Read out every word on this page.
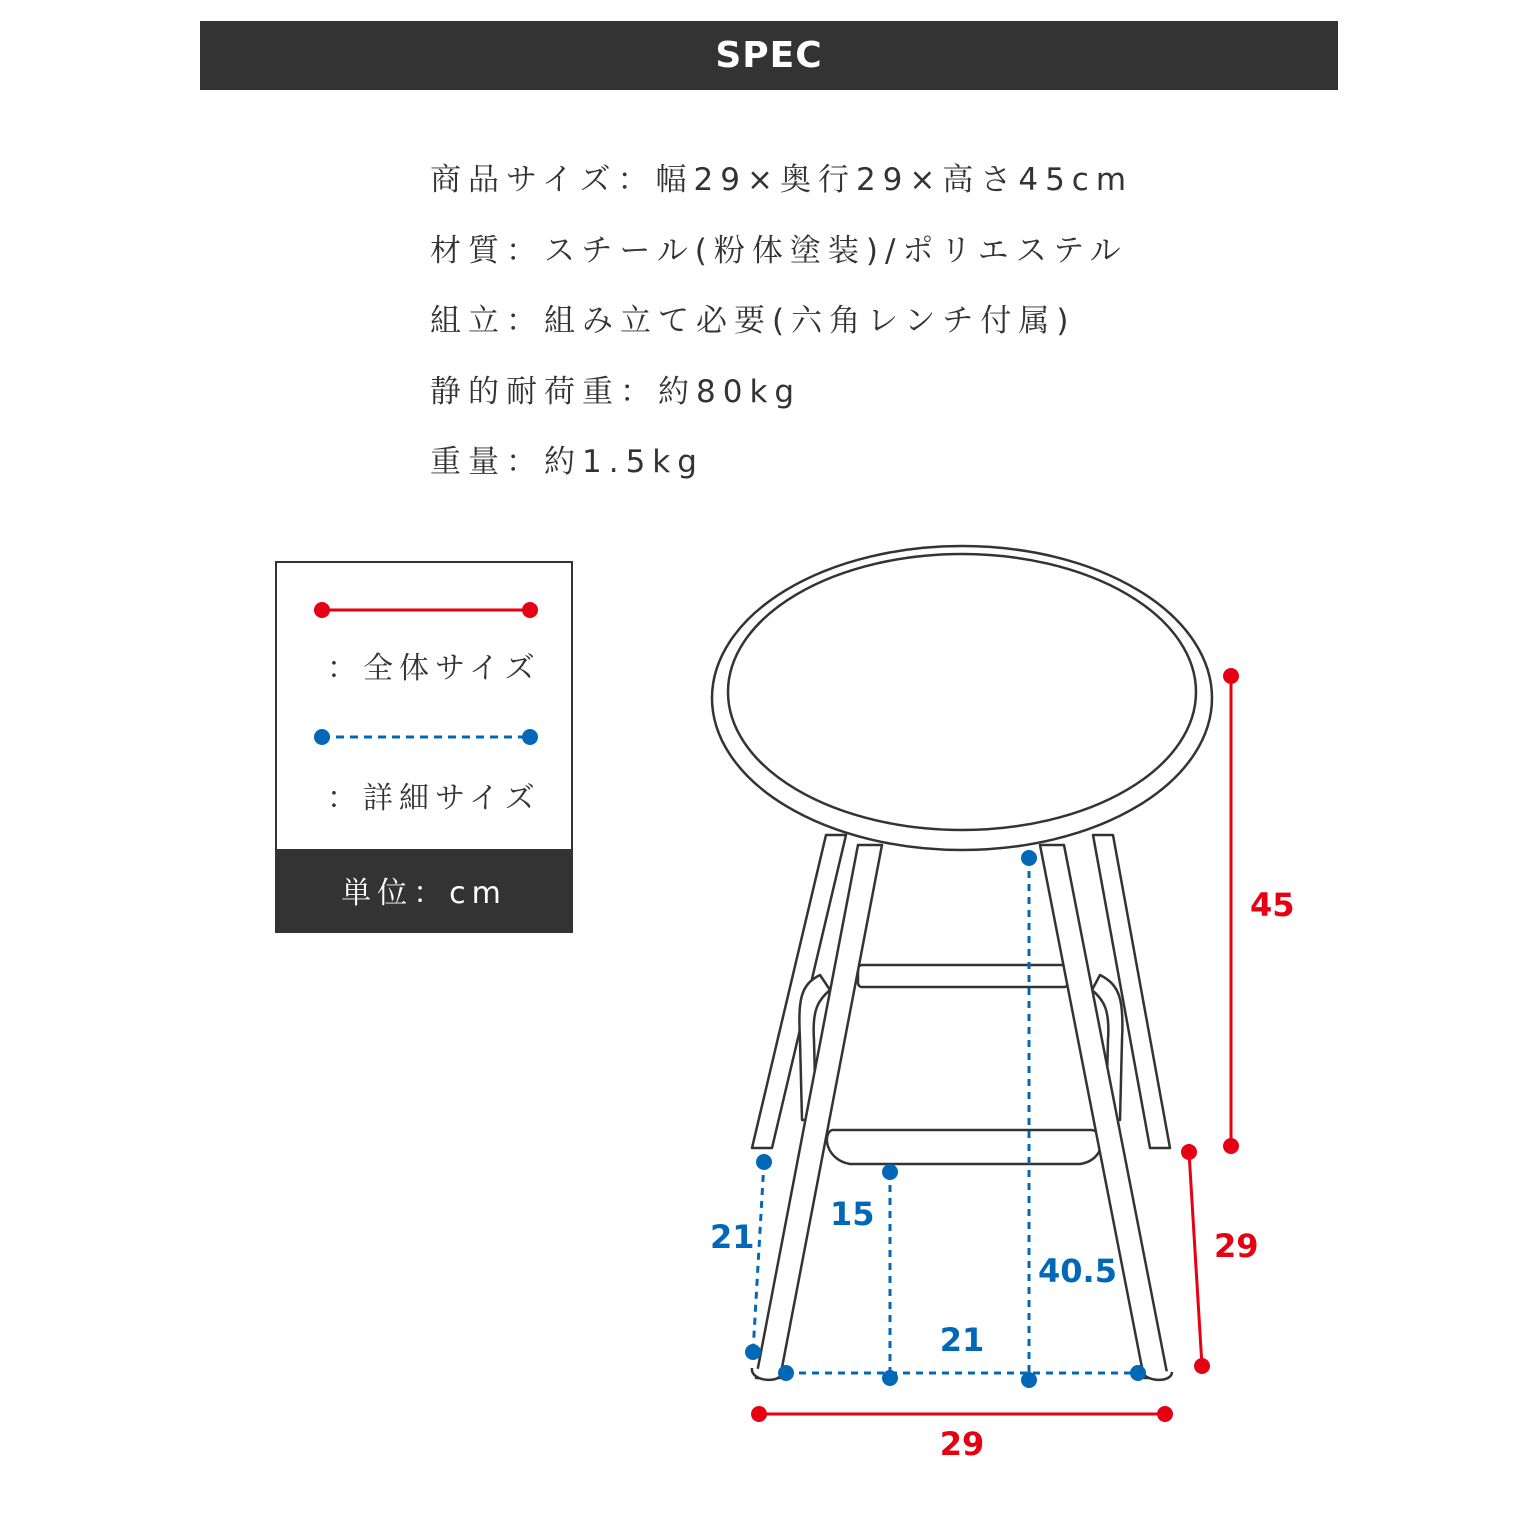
SPEC
商品サイズ：幅29×奥行29×高さ45cm
材質：スチール(粉体塗装)/ポリエステル
組立：組み立て必要(六角レンチ付属)
静的耐荷重：約80kg
重量：約1.5kg
：全体サイズ
：詳細サイズ
単位：cm	45
29
29
21
15
40.5
21
